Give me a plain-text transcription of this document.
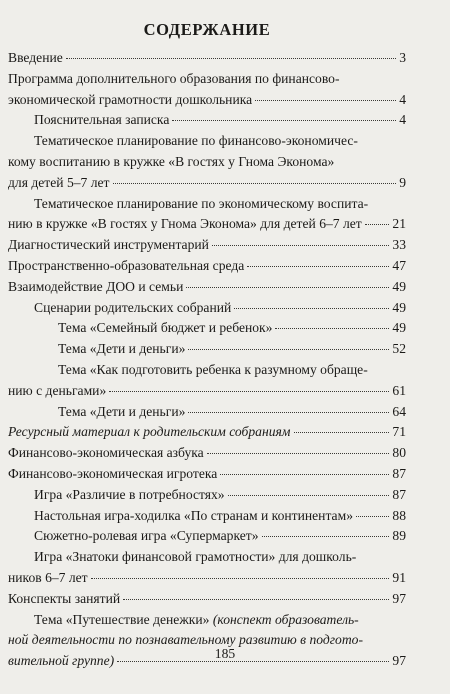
СОДЕРЖАНИЕ
Введение	3
Программа дополнительного образования по финансово-
экономической грамотности дошкольника	4
Пояснительная записка	4
Тематическое планирование по финансово-экономичес-
кому воспитанию в кружке «В гостях у Гнома Эконома»
для детей 5–7 лет	9
Тематическое планирование по экономическому воспита-
нию в кружке «В гостях у Гнома Эконома» для детей 6–7 лет 21
Диагностический инструментарий	33
Пространственно-образовательная среда	47
Взаимодействие ДОО и семьи	49
Сценарии родительских собраний	49
Тема «Семейный бюджет и ребенок»	49
Тема «Дети и деньги»	52
Тема «Как подготовить ребенка к разумному обраще-
нию с деньгами»	61
Тема «Дети и деньги»	64
Ресурсный материал к родительским собраниям	71
Финансово-экономическая азбука	80
Финансово-экономическая игротека	87
Игра «Различие в потребностях»	87
Настольная игра-ходилка «По странам и континентам»	88
Сюжетно-ролевая игра «Супермаркет»	89
Игра «Знатоки финансовой грамотности» для дошколь-
ников 6–7 лет	91
Конспекты занятий	97
Тема «Путешествие денежки» (конспект образователь-
ной деятельности по познавательному развитию в подгото-
вительной группе)	97
185
